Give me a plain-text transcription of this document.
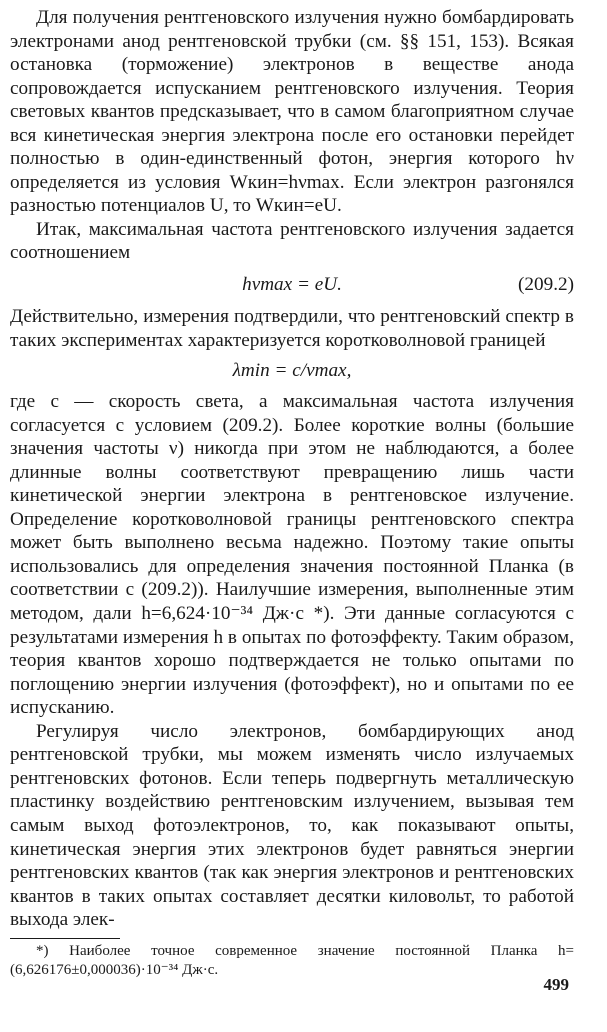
Для получения рентгеновского излучения нужно бомбардировать электронами анод рентгеновской трубки (см. §§ 151, 153). Всякая остановка (торможение) электронов в веществе анода сопровождается испусканием рентгеновского излучения. Теория световых квантов предсказывает, что в самом благоприятном случае вся кинетическая энергия электрона после его остановки перейдет полностью в один-единственный фотон, энергия которого hν определяется из условия Wкин=hνmax. Если электрон разгонялся разностью потенциалов U, то Wкин=eU.

Итак, максимальная частота рентгеновского излучения задается соотношением

hνmax = eU.	(209.2)

Действительно, измерения подтвердили, что рентгеновский спектр в таких экспериментах характеризуется коротковолновой границей

λmin = c/νmax,

где c — скорость света, а максимальная частота излучения согласуется с условием (209.2). Более короткие волны (большие значения частоты ν) никогда при этом не наблюдаются, а более длинные волны соответствуют превращению лишь части кинетической энергии электрона в рентгеновское излучение. Определение коротковолновой границы рентгеновского спектра может быть выполнено весьма надежно. Поэтому такие опыты использовались для определения значения постоянной Планка (в соответствии с (209.2)). Наилучшие измерения, выполненные этим методом, дали h=6,624·10⁻³⁴ Дж·с *). Эти данные согласуются с результатами измерения h в опытах по фотоэффекту. Таким образом, теория квантов хорошо подтверждается не только опытами по поглощению энергии излучения (фотоэффект), но и опытами по ее испусканию.

Регулируя число электронов, бомбардирующих анод рентгеновской трубки, мы можем изменять число излучаемых рентгеновских фотонов. Если теперь подвергнуть металлическую пластинку воздействию рентгеновским излучением, вызывая тем самым выход фотоэлектронов, то, как показывают опыты, кинетическая энергия этих электронов будет равняться энергии рентгеновских квантов (так как энергия электронов и рентгеновских квантов в таких опытах составляет десятки киловольт, то работой выхода элек-

*) Наиболее точное современное значение постоянной Планка h=(6,626176±0,000036)·10⁻³⁴ Дж·с.

499
